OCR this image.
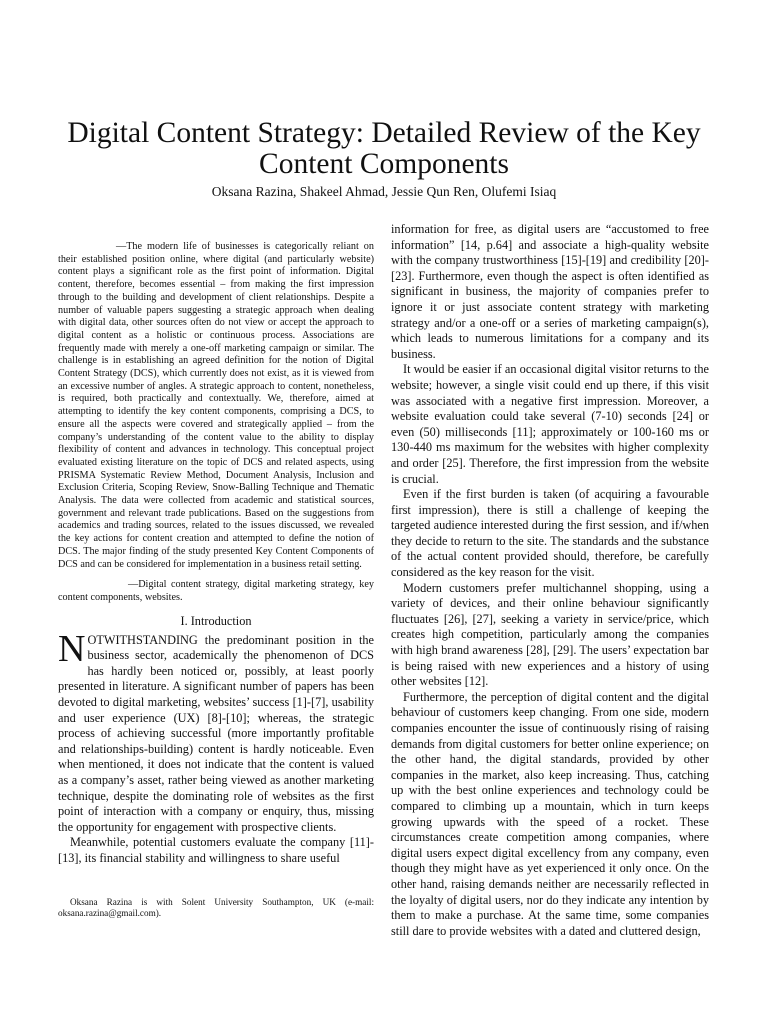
Digital Content Strategy: Detailed Review of the Key Content Components
Oksana Razina, Shakeel Ahmad, Jessie Qun Ren, Olufemi Isiaq

—The modern life of businesses is categorically reliant on their established position online, where digital (and particularly website) content plays a significant role as the first point of information. Digital content, therefore, becomes essential – from making the first impression through to the building and development of client relationships. Despite a number of valuable papers suggesting a strategic approach when dealing with digital data, other sources often do not view or accept the approach to digital content as a holistic or continuous process. Associations are frequently made with merely a one-off marketing campaign or similar. The challenge is in establishing an agreed definition for the notion of Digital Content Strategy (DCS), which currently does not exist, as it is viewed from an excessive number of angles. A strategic approach to content, nonetheless, is required, both practically and contextually. We, therefore, aimed at attempting to identify the key content components, comprising a DCS, to ensure all the aspects were covered and strategically applied – from the company’s understanding of the content value to the ability to display flexibility of content and advances in technology. This conceptual project evaluated existing literature on the topic of DCS and related aspects, using PRISMA Systematic Review Method, Document Analysis, Inclusion and Exclusion Criteria, Scoping Review, Snow-Balling Technique and Thematic Analysis. The data were collected from academic and statistical sources, government and relevant trade publications. Based on the suggestions from academics and trading sources, related to the issues discussed, we revealed the key actions for content creation and attempted to define the notion of DCS. The major finding of the study presented Key Content Components of DCS and can be considered for implementation in a business retail setting.

—Digital content strategy, digital marketing strategy, key content components, websites.

I. Introduction

NOTWITHSTANDING the predominant position in the business sector, academically the phenomenon of DCS has hardly been noticed or, possibly, at least poorly presented in literature. A significant number of papers has been devoted to digital marketing, websites’ success [1]-[7], usability and user experience (UX) [8]-[10]; whereas, the strategic process of achieving successful (more importantly profitable and relationships-building) content is hardly noticeable. Even when mentioned, it does not indicate that the content is valued as a company’s asset, rather being viewed as another marketing technique, despite the dominating role of websites as the first point of interaction with a company or enquiry, thus, missing the opportunity for engagement with prospective clients.

Meanwhile, potential customers evaluate the company [11]-[13], its financial stability and willingness to share useful

Oksana Razina is with Solent University Southampton, UK (e-mail: oksana.razina@gmail.com).

information for free, as digital users are “accustomed to free information” [14, p.64] and associate a high-quality website with the company trustworthiness [15]-[19] and credibility [20]-[23]. Furthermore, even though the aspect is often identified as significant in business, the majority of companies prefer to ignore it or just associate content strategy with marketing strategy and/or a one-off or a series of marketing campaign(s), which leads to numerous limitations for a company and its business.

It would be easier if an occasional digital visitor returns to the website; however, a single visit could end up there, if this visit was associated with a negative first impression. Moreover, a website evaluation could take several (7-10) seconds [24] or even (50) milliseconds [11]; approximately or 100-160 ms or 130-440 ms maximum for the websites with higher complexity and order [25]. Therefore, the first impression from the website is crucial.

Even if the first burden is taken (of acquiring a favourable first impression), there is still a challenge of keeping the targeted audience interested during the first session, and if/when they decide to return to the site. The standards and the substance of the actual content provided should, therefore, be carefully considered as the key reason for the visit.

Modern customers prefer multichannel shopping, using a variety of devices, and their online behaviour significantly fluctuates [26], [27], seeking a variety in service/price, which creates high competition, particularly among the companies with high brand awareness [28], [29]. The users’ expectation bar is being raised with new experiences and a history of using other websites [12].

Furthermore, the perception of digital content and the digital behaviour of customers keep changing. From one side, modern companies encounter the issue of continuously rising of raising demands from digital customers for better online experience; on the other hand, the digital standards, provided by other companies in the market, also keep increasing. Thus, catching up with the best online experiences and technology could be compared to climbing up a mountain, which in turn keeps growing upwards with the speed of a rocket. These circumstances create competition among companies, where digital users expect digital excellency from any company, even though they might have as yet experienced it only once. On the other hand, raising demands neither are necessarily reflected in the loyalty of digital users, nor do they indicate any intention by them to make a purchase. At the same time, some companies still dare to provide websites with a dated and cluttered design,
